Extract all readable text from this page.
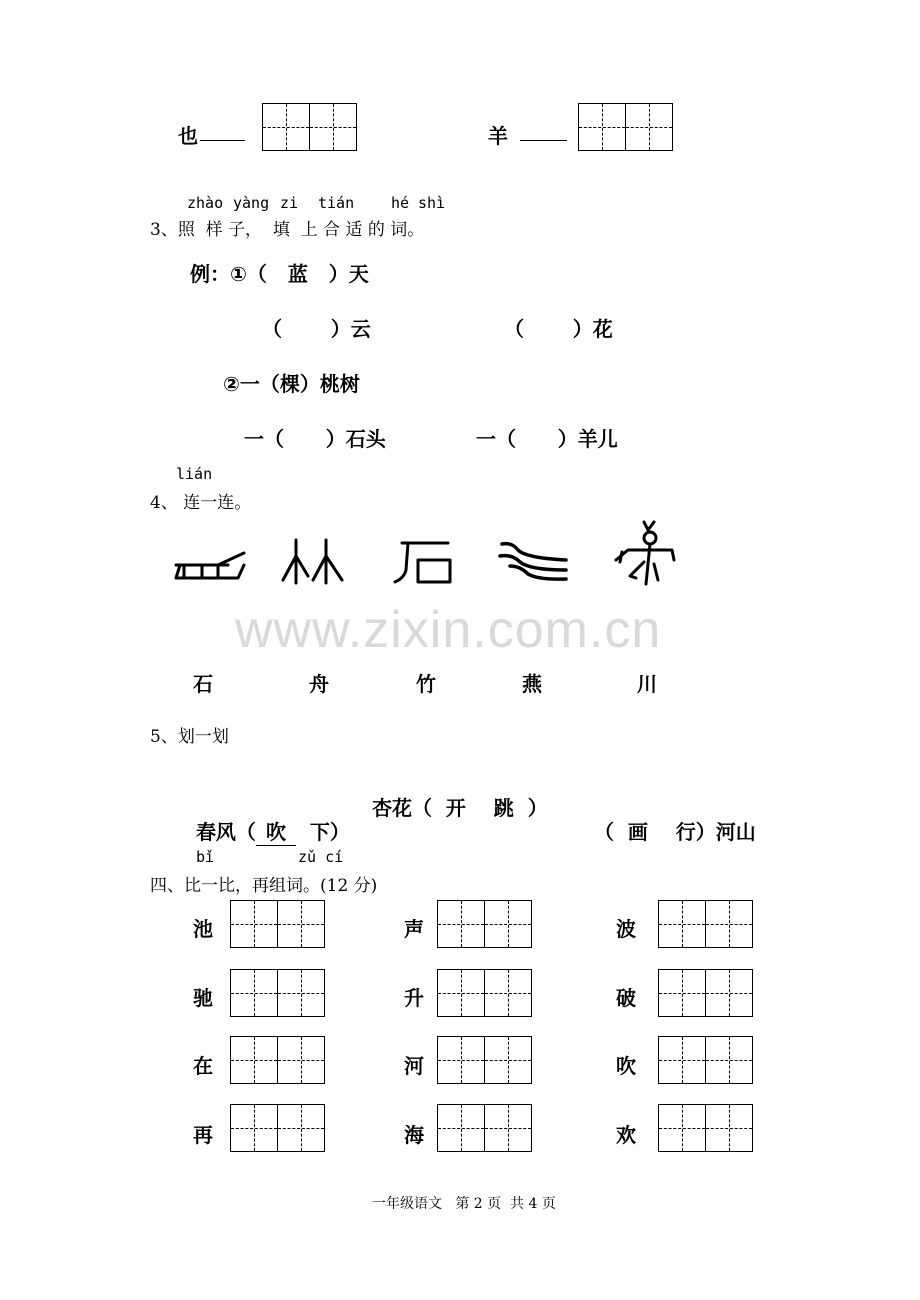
也	羊
zhào yàng zi tián hé shì
3、照  样 子，  填  上 合 适 的 词。
例：①（   蓝   ）天
（       ）云	（       ）花
②一（棵）桃树
一（      ）石头	一（      ）羊儿
lián
4、 连一连。
www.zixin.com.cn
石	舟	竹	燕	川
5、划一划

春风（ 吹 下）

杏花（  开    跳  ）

（  画 行）河山

bǐ	zǔ cí
四、比一比，再组词。(12 分)
池	声	波
驰	升	破
在	河	吹
再	海	欢
一年级语文   第 2 页  共 4 页
